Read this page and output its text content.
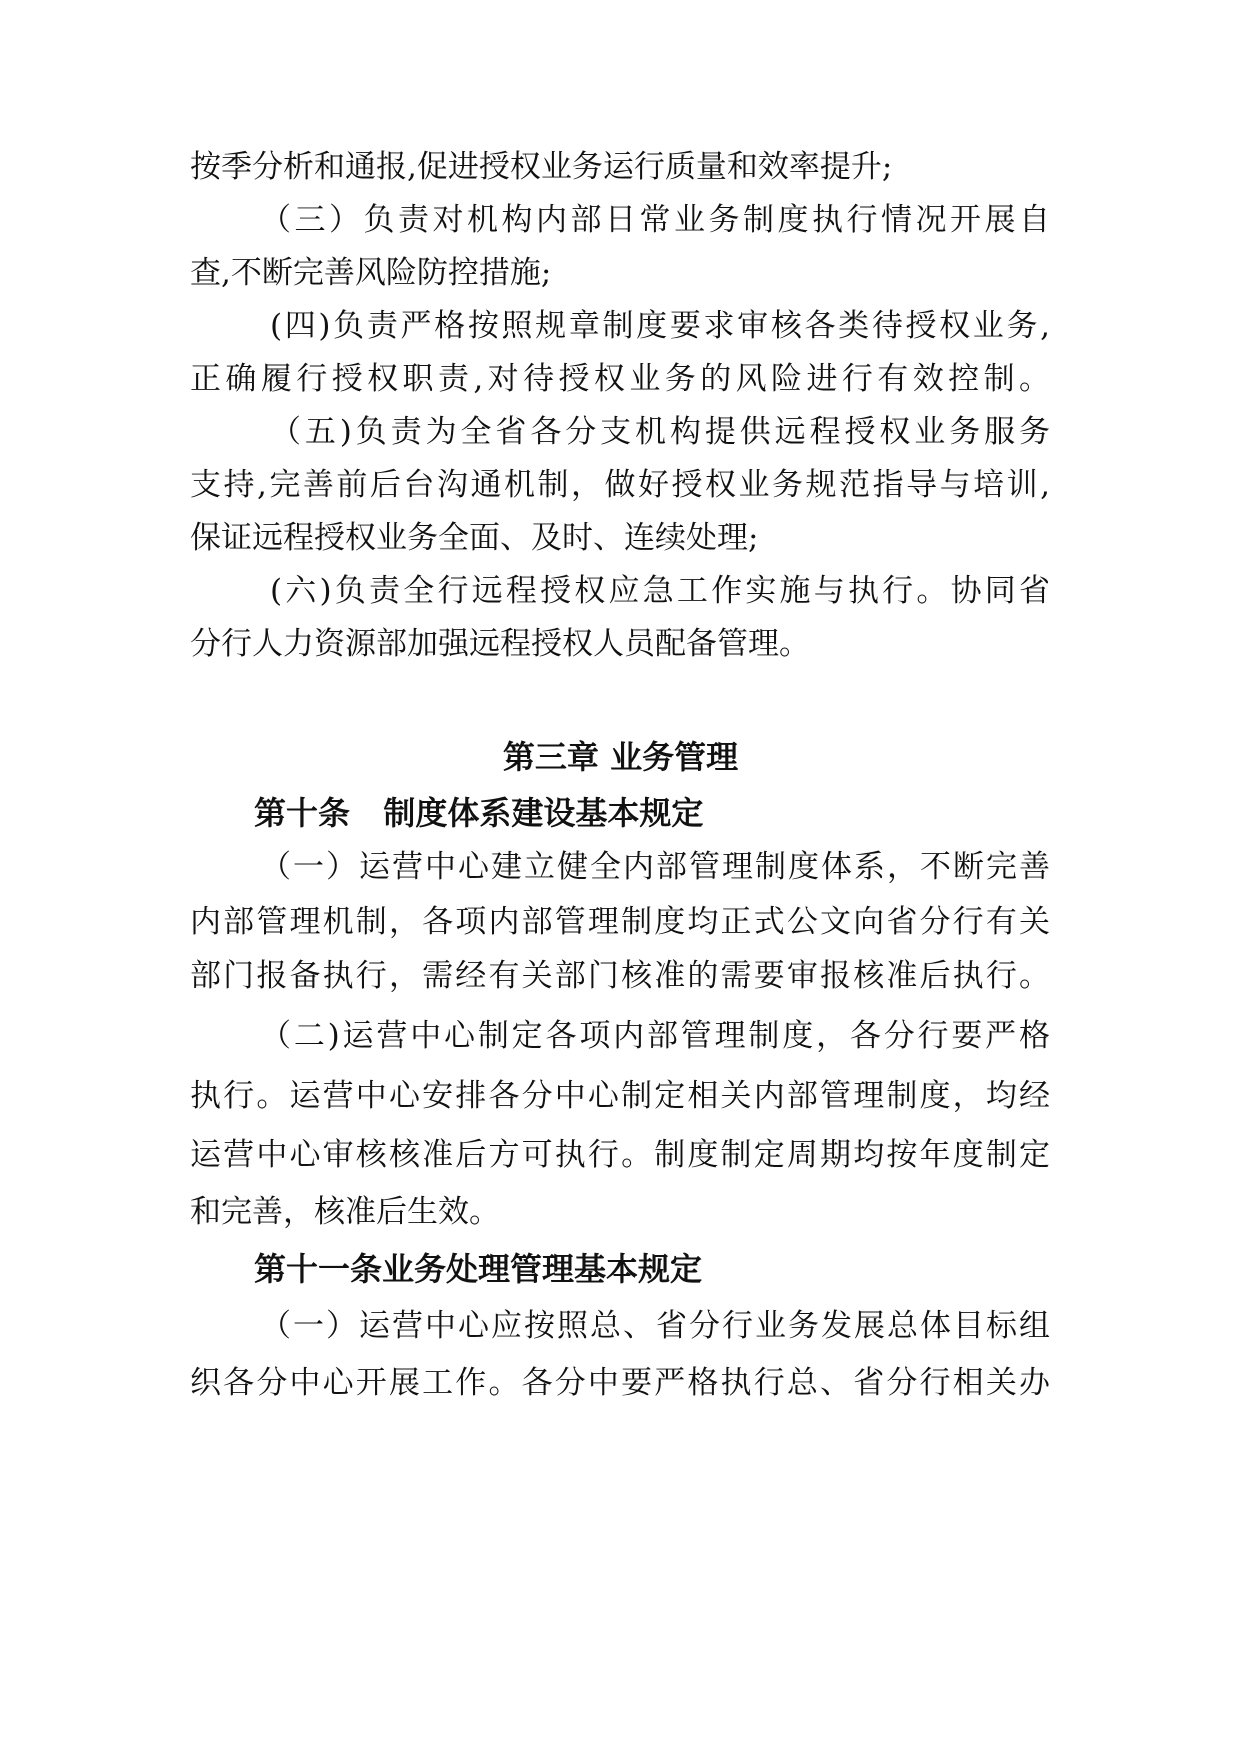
按季分析和通报,促进授权业务运行质量和效率提升;
（三）负责对机构内部日常业务制度执行情况开展自
查,不断完善风险防控措施;
(四)负责严格按照规章制度要求审核各类待授权业务,
正确履行授权职责,对待授权业务的风险进行有效控制。
（五)负责为全省各分支机构提供远程授权业务服务
支持,完善前后台沟通机制，做好授权业务规范指导与培训,
保证远程授权业务全面、及时、连续处理;
(六)负责全行远程授权应急工作实施与执行。协同省
分行人力资源部加强远程授权人员配备管理。
第三章 业务管理
第十条   制度体系建设基本规定
（一）运营中心建立健全内部管理制度体系，不断完善
内部管理机制，各项内部管理制度均正式公文向省分行有关
部门报备执行，需经有关部门核准的需要审报核准后执行。
（二)运营中心制定各项内部管理制度，各分行要严格
执行。运营中心安排各分中心制定相关内部管理制度，均经
运营中心审核核准后方可执行。制度制定周期均按年度制定
和完善，核准后生效。
第十一条业务处理管理基本规定
（一）运营中心应按照总、省分行业务发展总体目标组
织各分中心开展工作。各分中要严格执行总、省分行相关办
